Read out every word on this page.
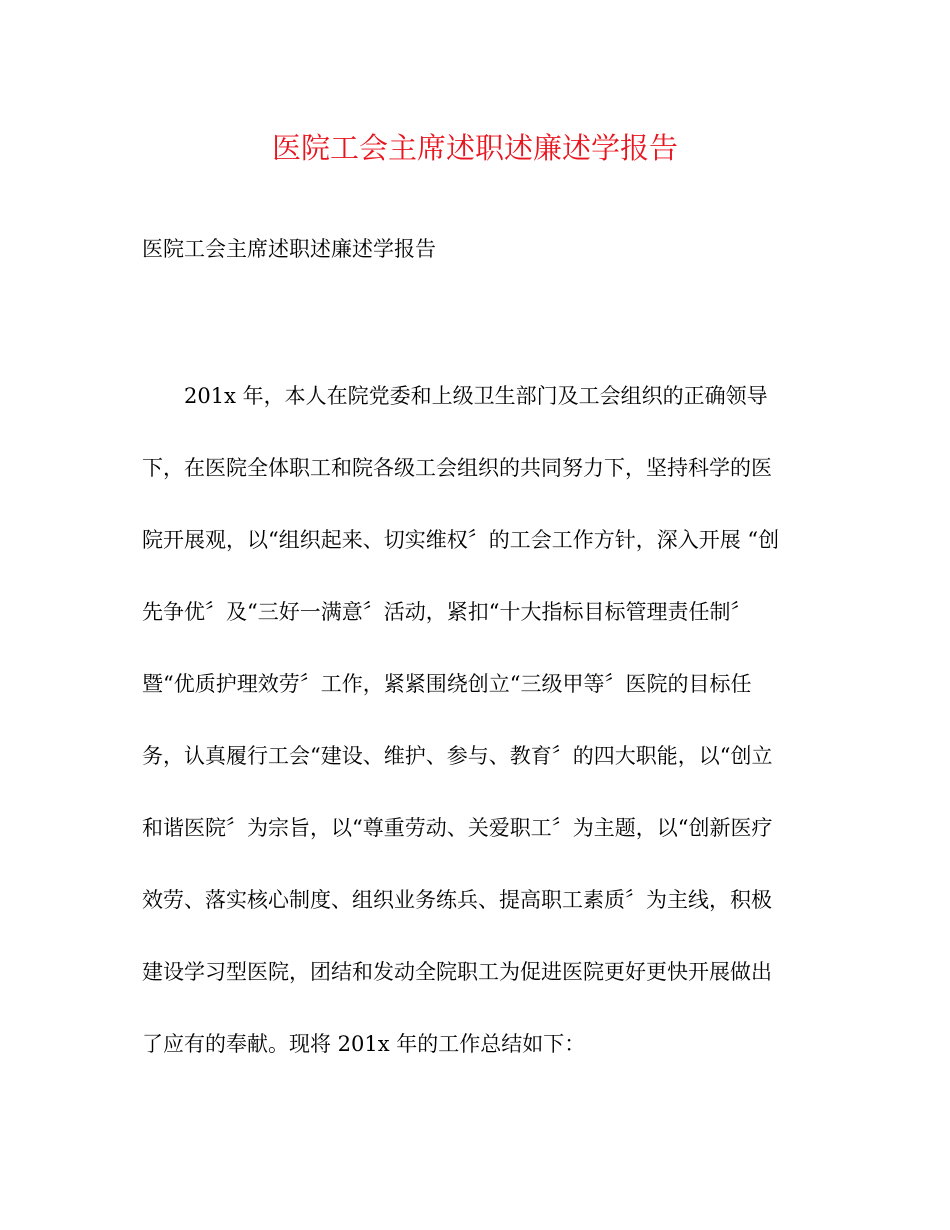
医院工会主席述职述廉述学报告
医院工会主席述职述廉述学报告
201x 年，本人在院党委和上级卫生部门及工会组织的正确领导
下，在医院全体职工和院各级工会组织的共同努力下，坚持科学的医
院开展观，以“组织起来、切实维权〞的工会工作方针，深入开展 “创
先争优〞及“三好一满意〞活动，紧扣“十大指标目标管理责任制〞
暨“优质护理效劳〞工作，紧紧围绕创立“三级甲等〞医院的目标任
务，认真履行工会“建设、维护、参与、教育〞的四大职能，以“创立
和谐医院〞为宗旨，以“尊重劳动、关爱职工〞为主题，以“创新医疗
效劳、落实核心制度、组织业务练兵、提高职工素质〞为主线，积极
建设学习型医院，团结和发动全院职工为促进医院更好更快开展做出
了应有的奉献。现将 201x 年的工作总结如下：
